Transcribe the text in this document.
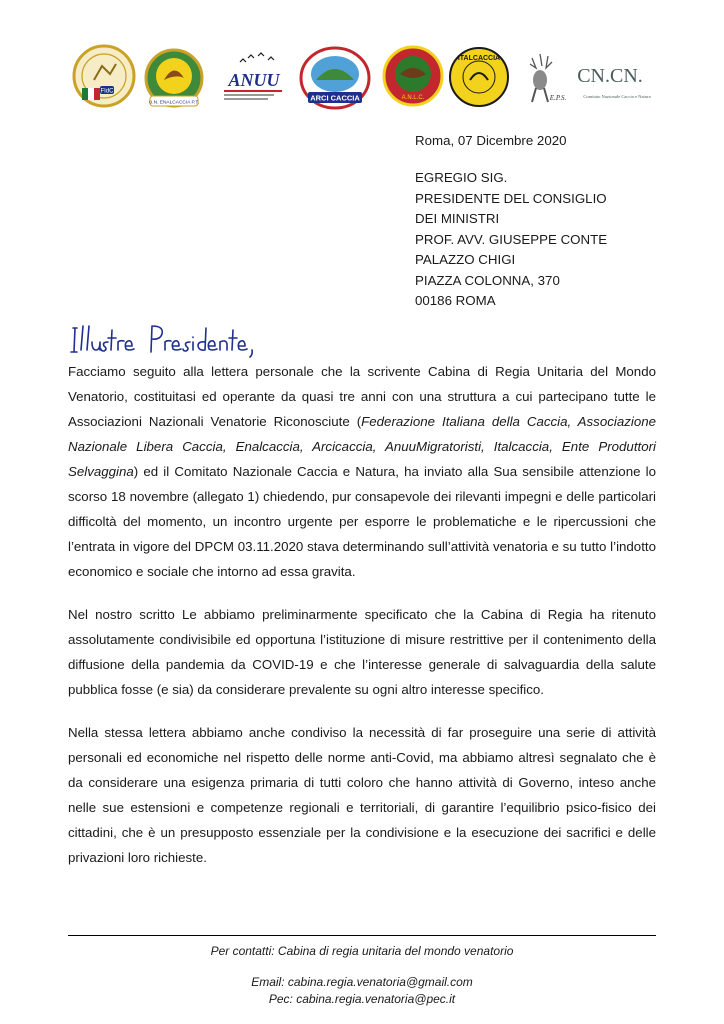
FIdC
U.N. ENALCACCIA P.T.
ANUU
ARCI CACCIA	A.N.L.C.
ITALCACCIA
E.P.S.
CN.CN.
Comitato Nazionale Caccia e Natura
Roma, 07 Dicembre 2020
EGREGIO SIG.
PRESIDENTE DEL CONSIGLIO
DEI MINISTRI
PROF. AVV. GIUSEPPE CONTE
PALAZZO CHIGI
PIAZZA COLONNA, 370
00186 ROMA

Facciamo seguito alla lettera personale che la scrivente Cabina di Regia Unitaria del Mondo Venatorio, costituitasi ed operante da quasi tre anni con una struttura a cui partecipano tutte le Associazioni Nazionali Venatorie Riconosciute (Federazione Italiana della Caccia, Associazione Nazionale Libera Caccia, Enalcaccia, Arcicaccia, AnuuMigratoristi, Italcaccia, Ente Produttori Selvaggina) ed il Comitato Nazionale Caccia e Natura, ha inviato alla Sua sensibile attenzione lo scorso 18 novembre (allegato 1) chiedendo, pur consapevole dei rilevanti impegni e delle particolari difficoltà del momento, un incontro urgente per esporre le problematiche e le ripercussioni che l’entrata in vigore del DPCM 03.11.2020 stava determinando sull’attività venatoria e su tutto l’indotto economico e sociale che intorno ad essa gravita.

Nel nostro scritto Le abbiamo preliminarmente specificato che la Cabina di Regia ha ritenuto assolutamente condivisibile ed opportuna l’istituzione di misure restrittive per il contenimento della diffusione della pandemia da COVID-19 e che l’interesse generale di salvaguardia della salute pubblica fosse (e sia) da considerare prevalente su ogni altro interesse specifico.

Nella stessa lettera abbiamo anche condiviso la necessità di far proseguire una serie di attività personali ed economiche nel rispetto delle norme anti-Covid, ma abbiamo altresì segnalato che è da considerare una esigenza primaria di tutti coloro che hanno attività di Governo, inteso anche nelle sue estensioni e competenze regionali e territoriali, di garantire l’equilibrio psico-fisico dei cittadini, che è un presupposto essenziale per la condivisione e la esecuzione dei sacrifici e delle privazioni loro richieste.

Per contatti: Cabina di regia unitaria del mondo venatorio
Email: cabina.regia.venatoria@gmail.com
Pec: cabina.regia.venatoria@pec.it
